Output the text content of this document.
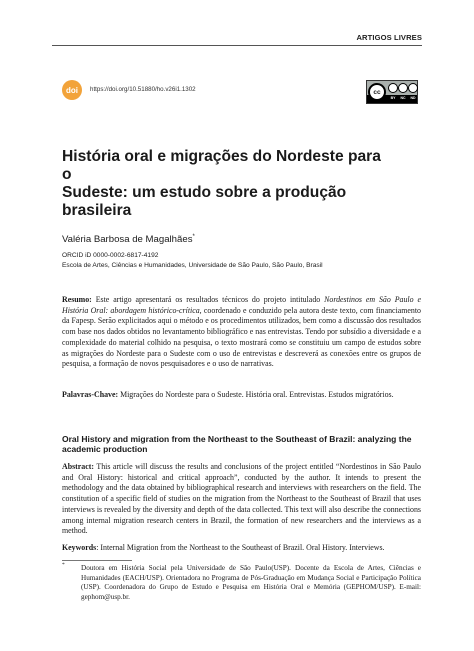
ARTIGOS LIVRES
doi	https://doi.org/10.51880/ho.v26i1.1302	cc
BY	NC	ND
História oral e migrações do Nordeste para o
Sudeste: um estudo sobre a produção brasileira
Valéria Barbosa de Magalhães*
ORCID iD 0000-0002-6817-4192
Escola de Artes, Ciências e Humanidades, Universidade de São Paulo, São Paulo, Brasil
Resumo: Este artigo apresentará os resultados técnicos do projeto intitulado Nordestinos em São Paulo e História Oral: abordagem histórico-crítica, coordenado e conduzido pela autora deste texto, com financiamento da Fapesp. Serão explicitados aqui o método e os procedimentos utilizados, bem como a discussão dos resultados com base nos dados obtidos no levantamento bibliográfico e nas entrevistas. Tendo por subsídio a diversidade e a complexidade do material colhido na pesquisa, o texto mostrará como se constituiu um campo de estudos sobre as migrações do Nordeste para o Sudeste com o uso de entrevistas e descreverá as conexões entre os grupos de pesquisa, a formação de novos pesquisadores e o uso de narrativas.
Palavras-Chave: Migrações do Nordeste para o Sudeste. História oral. Entrevistas. Estudos migratórios.
Oral History and migration from the Northeast to the Southeast of Brazil: analyzing the academic production
Abstract: This article will discuss the results and conclusions of the project entitled “Nordestinos in São Paulo and Oral History: historical and critical approach”, conducted by the author. It intends to present the methodology and the data obtained by bibliographical research and interviews with researchers on the field. The constitution of a specific field of studies on the migration from the Northeast to the Southeast of Brazil that uses interviews is revealed by the diversity and depth of the data collected. This text will also describe the connections among internal migration research centers in Brazil, the formation of new researchers and the interviews as a method.
Keywords: Internal Migration from the Northeast to the Southeast of Brazil. Oral History. Interviews.
* Doutora em História Social pela Universidade de São Paulo(USP). Docente da Escola de Artes, Ciências e Humanidades (EACH/USP). Orientadora no Programa de Pós-Graduação em Mudança Social e Participação Política (USP). Coordenadora do Grupo de Estudo e Pesquisa em História Oral e Memória (GEPHOM/USP). E-mail: gephom@usp.br.
